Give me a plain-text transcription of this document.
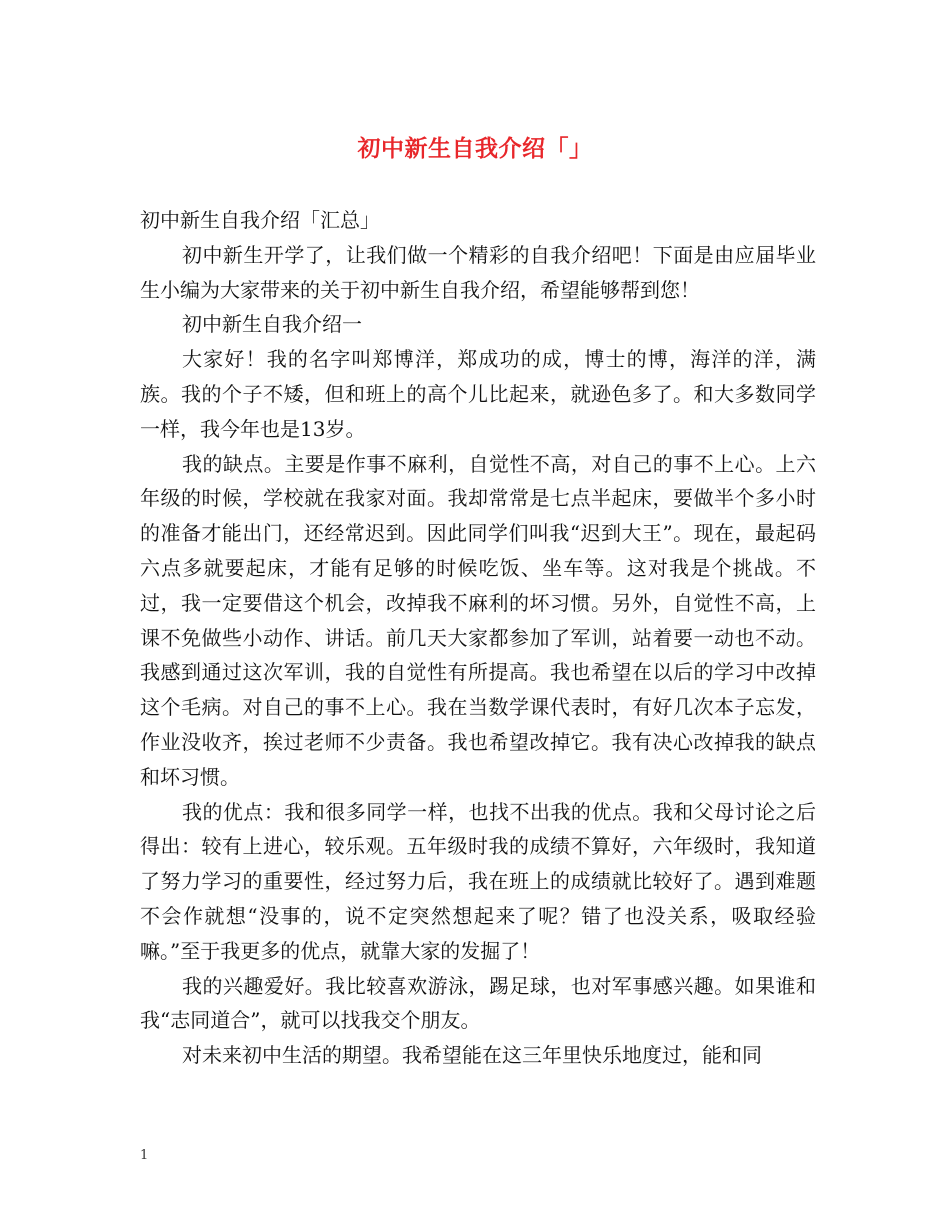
初中新生自我介绍「」

初中新生自我介绍「汇总」

初中新生开学了，让我们做一个精彩的自我介绍吧！下面是由应届毕业生小编为大家带来的关于初中新生自我介绍，希望能够帮到您！

初中新生自我介绍一

大家好！我的名字叫郑博洋，郑成功的成，博士的博，海洋的洋，满族。我的个子不矮，但和班上的高个儿比起来，就逊色多了。和大多数同学一样，我今年也是13岁。

我的缺点。主要是作事不麻利，自觉性不高，对自己的事不上心。上六年级的时候，学校就在我家对面。我却常常是七点半起床，要做半个多小时的准备才能出门，还经常迟到。因此同学们叫我“迟到大王”。现在，最起码六点多就要起床，才能有足够的时候吃饭、坐车等。这对我是个挑战。不过，我一定要借这个机会，改掉我不麻利的坏习惯。另外，自觉性不高，上课不免做些小动作、讲话。前几天大家都参加了军训，站着要一动也不动。我感到通过这次军训，我的自觉性有所提高。我也希望在以后的学习中改掉这个毛病。对自己的事不上心。我在当数学课代表时，有好几次本子忘发，作业没收齐，挨过老师不少责备。我也希望改掉它。我有决心改掉我的缺点和坏习惯。

我的优点：我和很多同学一样，也找不出我的优点。我和父母讨论之后得出：较有上进心，较乐观。五年级时我的成绩不算好，六年级时，我知道了努力学习的重要性，经过努力后，我在班上的成绩就比较好了。遇到难题不会作就想“没事的，说不定突然想起来了呢？错了也没关系，吸取经验嘛。”至于我更多的优点，就靠大家的发掘了！

我的兴趣爱好。我比较喜欢游泳，踢足球，也对军事感兴趣。如果谁和我“志同道合”，就可以找我交个朋友。

对未来初中生活的期望。我希望能在这三年里快乐地度过，能和同

1
